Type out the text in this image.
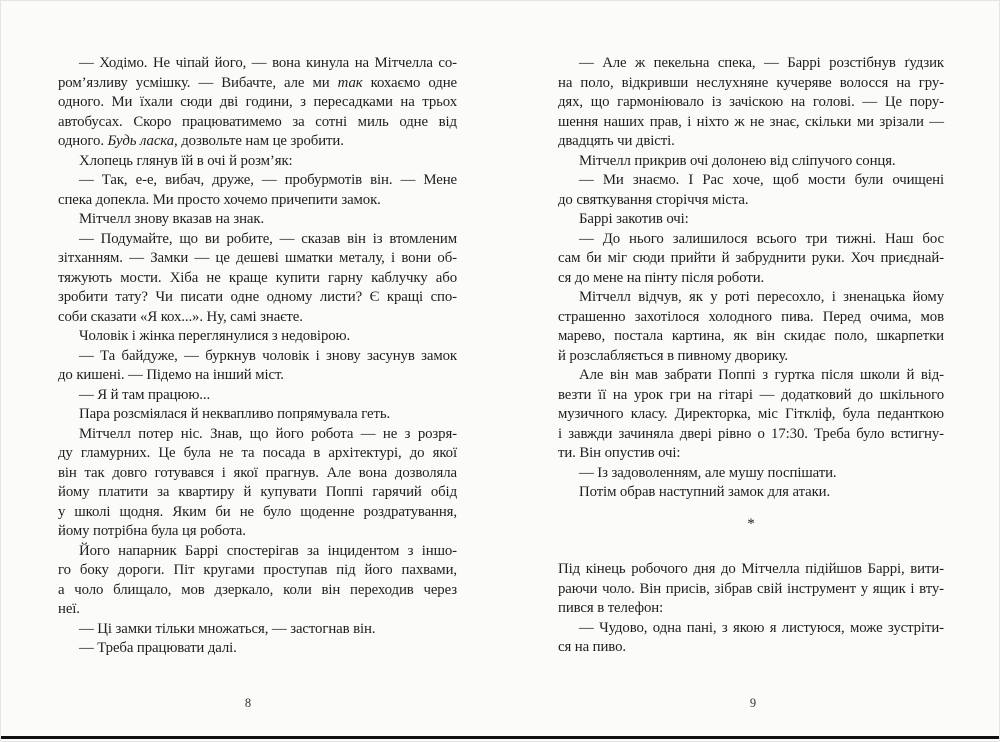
— Ходімо. Не чіпай його, — вона кинула на Мітчелла со-
ром’язливу усмішку. — Вибачте, але ми так кохаємо одне
одного. Ми їхали сюди дві години, з пересадками на трьох
автобусах. Скоро працюватимемо за сотні миль одне від
одного. Будь ласка, дозвольте нам це зробити.
Хлопець глянув їй в очі й розм’як:
— Так, е-е, вибач, друже, — пробурмотів він. — Мене
спека допекла. Ми просто хочемо причепити замок.
Мітчелл знову вказав на знак.
— Подумайте, що ви робите, — сказав він із втомленим
зітханням. — Замки — це дешеві шматки металу, і вони об-
тяжують мости. Хіба не краще купити гарну каблучку або
зробити тату? Чи писати одне одному листи? Є кращі спо-
соби сказати «Я кох...». Ну, самі знаєте.
Чоловік і жінка переглянулися з недовірою.
— Та байдуже, — буркнув чоловік і знову засунув замок
до кишені. — Підемо на інший міст.
— Я й там працюю...
Пара розсміялася й неквапливо попрямувала геть.
Мітчелл потер ніс. Знав, що його робота — не з розря-
ду гламурних. Це була не та посада в архітектурі, до якої
він так довго готувався і якої прагнув. Але вона дозволяла
йому платити за квартиру й купувати Поппі гарячий обід
у школі щодня. Яким би не було щоденне роздратування,
йому потрібна була ця робота.
Його напарник Баррі спостерігав за інцидентом з іншо-
го боку дороги. Піт кругами проступав під його пахвами,
а чоло блищало, мов дзеркало, коли він переходив через
неї.
— Ці замки тільки множаться, — застогнав він.
— Треба працювати далі.
— Але ж пекельна спека, — Баррі розстібнув ґудзик
на поло, відкривши неслухняне кучеряве волосся на гру-
дях, що гармоніювало із зачіскою на голові. — Це пору-
шення наших прав, і ніхто ж не знає, скільки ми зрізали —
двадцять чи двісті.
Мітчелл прикрив очі долонею від сліпучого сонця.
— Ми знаємо. І Рас хоче, щоб мости були очищені
до святкування сторіччя міста.
Баррі закотив очі:
— До нього залишилося всього три тижні. Наш бос
сам би міг сюди прийти й забруднити руки. Хоч приєднай-
ся до мене на пінту після роботи.
Мітчелл відчув, як у роті пересохло, і зненацька йому
страшенно захотілося холодного пива. Перед очима, мов
марево, постала картина, як він скидає поло, шкарпетки
й розслабляється в пивному дворику.
Але він мав забрати Поппі з гуртка після школи й від-
везти її на урок гри на гітарі — додатковий до шкільного
музичного класу. Директорка, міс Гіткліф, була педанткою
і завжди зачиняла двері рівно о 17:30. Треба було встигну-
ти. Він опустив очі:
— Із задоволенням, але мушу поспішати.
Потім обрав наступний замок для атаки.
*
Під кінець робочого дня до Мітчелла підійшов Баррі, вити-
раючи чоло. Він присів, зібрав свій інструмент у ящик і вту-
пився в телефон:
— Чудово, одна пані, з якою я листуюся, може зустріти-
ся на пиво.
8	9
